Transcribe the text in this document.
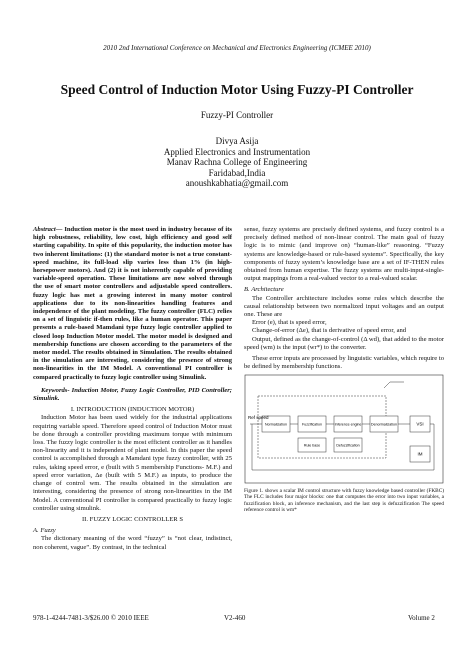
2010 2nd International Conference on Mechanical and Electronics Engineering (ICMEE 2010)
Speed Control of Induction Motor Using Fuzzy-PI Controller
Fuzzy-PI Controller
Divya Asija
Applied Electronics and Instrumentation
Manav Rachna College of Engineering
Faridabad,India
anoushkabhatia@gmail.com

Abstract— Induction motor is the most used in industry because of its high robustness, reliability, low cost, high efficiency and good self starting capability. In spite of this popularity, the induction motor has two inherent limitations: (1) the standard motor is not a true constant-speed machine, its full-load slip varies less than 1% (in high-horsepower motors). And (2) it is not inherently capable of providing variable-speed operation. These limitations are now solved through the use of smart motor controllers and adjustable speed controllers. fuzzy logic has met a growing interest in many motor control applications due to its non-linearities handling features and independence of the plant modeling. The fuzzy controller (FLC) relies on a set of linguistic if-then rules, like a human operator. This paper presents a rule-based Mamdani type fuzzy logic controller applied to closed loop Induction Motor model. The motor model is designed and membership functions are chosen according to the parameters of the motor model. The results obtained in Simulation. The results obtained in the simulation are interesting, considering the presence of strong non-linearities in the IM Model. A conventional PI controller is compared practically to fuzzy logic controller using Simulink.

Keywords- Induction Motor, Fuzzy Logic Controller, PID Controller; Simulink.

I. INTRODUCTION (INDUCTION MOTOR)

Induction Motor has been used widely for the industrial applications requiring variable speed. Therefore speed control of Induction Motor must be done through a controller providing maximum torque with minimum loss. The fuzzy logic controller is the most efficient controller as it handles non-linearity and it is independent of plant model. In this paper the speed control is accomplished through a Mamdani type fuzzy controller, with 25 rules, taking speed error, e (built with 5 membership Functions- M.F.) and speed error variation, Δe (built with 5 M.F.) as inputs, to produce the change of control wm. The results obtained in the simulation are interesting, considering the presence of strong non-linearities in the IM Model. A conventional PI controller is compared practically to fuzzy logic controller using simulink.

II. FUZZY LOGIC CONTROLLER S

A. Fuzzy

The dictionary meaning of the word “fuzzy” is “not clear, indistinct, non coherent, vague”. By contrast, in the technical

sense, fuzzy systems are precisely defined systems, and fuzzy control is a precisely defined method of non-linear control. The main goal of fuzzy logic is to mimic (and improve on) “human-like” reasoning. “Fuzzy systems are knowledge-based or rule-based systems”. Specifically, the key components of fuzzy system’s knowledge base are a set of IF-THEN rules obtained from human expertise. The fuzzy systems are multi-input-single-output mappings from a real-valued vector to a real-valued scalar.

B. Architecture

The Controller architecture includes some rules which describe the causal relationship between two normalized input voltages and an output one. These are

Error (e), that is speed error,

Change-of-error (Δe), that is derivative of speed error, and

Output, defined as the change-of-control (Δ wd), that added to the motor speed (wm) is the input (wr*) to the converter.

These error inputs are processed by linguistic variables, which require to be defined by membership functions.

Normalization	Fuzzification
Rule base
Inference engine
Defuzzification
Denormalization	VSI
IM
Ref speed
Figure 1. shows a scalar IM control structure with fuzzy knowledge based controller (FKBC) The FLC includes four major blocks: one that computes the error into two input variables, a fuzzification block, an inference mechanism, and the last step is defuzzification The speed reference control is wm*
978-1-4244-7481-3/$26.00 © 2010 IEEE	V2-460	Volume 2
